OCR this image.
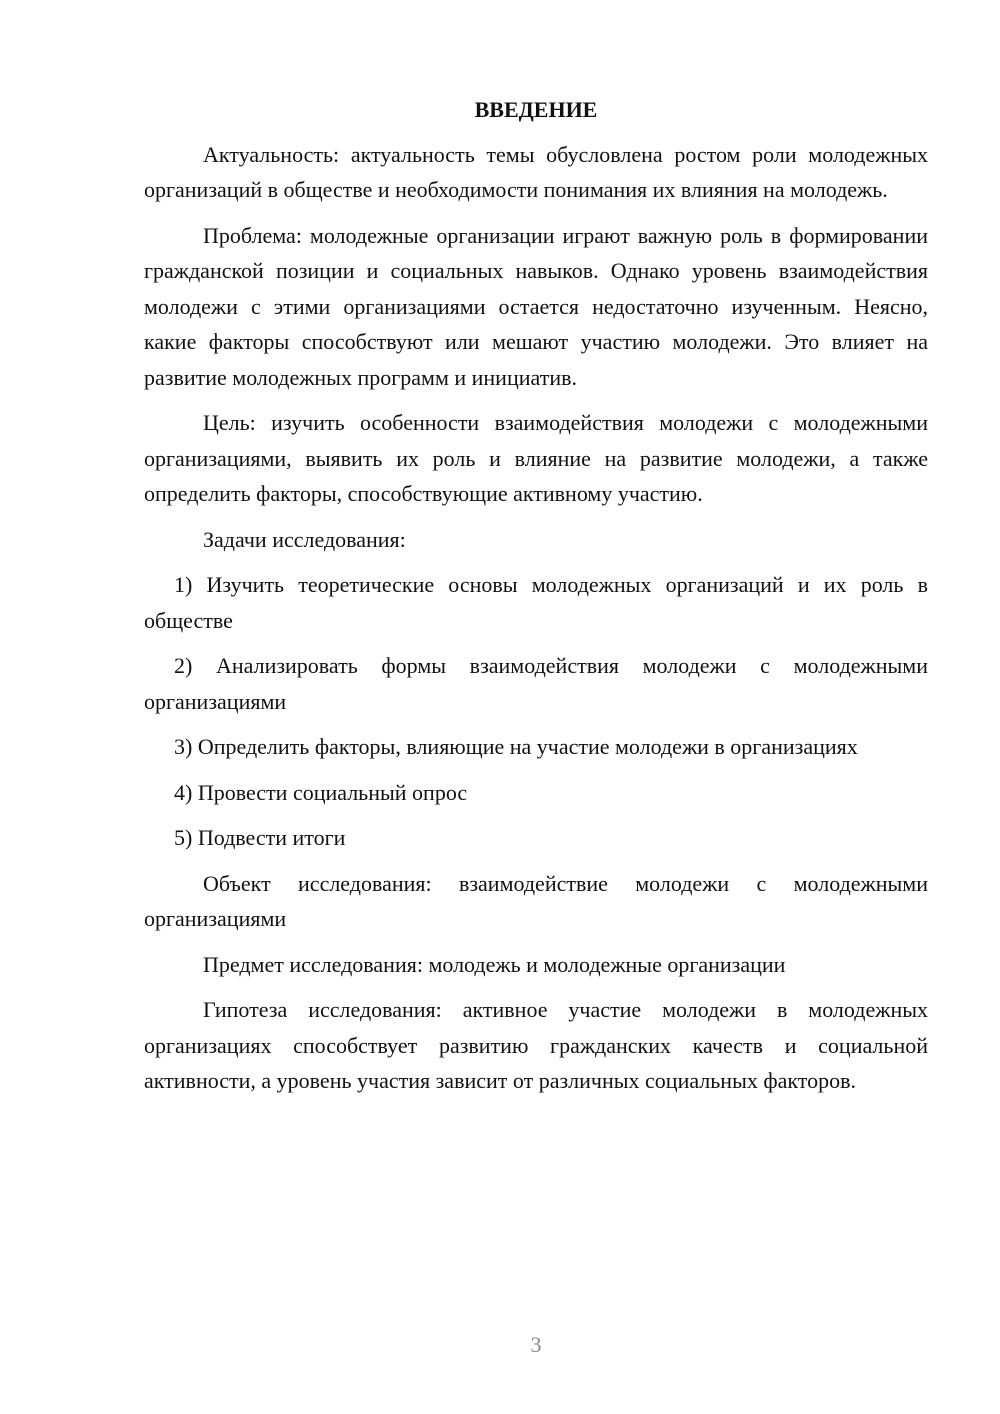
ВВЕДЕНИЕ

Актуальность: актуальность темы обусловлена ростом роли молодежных организаций в обществе и необходимости понимания их влияния на молодежь.

Проблема: молодежные организации играют важную роль в формировании гражданской позиции и социальных навыков. Однако уровень взаимодействия молодежи с этими организациями остается недостаточно изученным. Неясно, какие факторы способствуют или мешают участию молодежи. Это влияет на развитие молодежных программ и инициатив.

Цель: изучить особенности взаимодействия молодежи с молодежными организациями, выявить их роль и влияние на развитие молодежи, а также определить факторы, способствующие активному участию.

Задачи исследования:

1) Изучить теоретические основы молодежных организаций и их роль в обществе

2) Анализировать формы взаимодействия молодежи с молодежными организациями

3) Определить факторы, влияющие на участие молодежи в организациях

4) Провести социальный опрос

5) Подвести итоги

Объект исследования: взаимодействие молодежи с молодежными организациями

Предмет исследования: молодежь и молодежные организации

Гипотеза исследования: активное участие молодежи в молодежных организациях способствует развитию гражданских качеств и социальной активности, а уровень участия зависит от различных социальных факторов.

3
